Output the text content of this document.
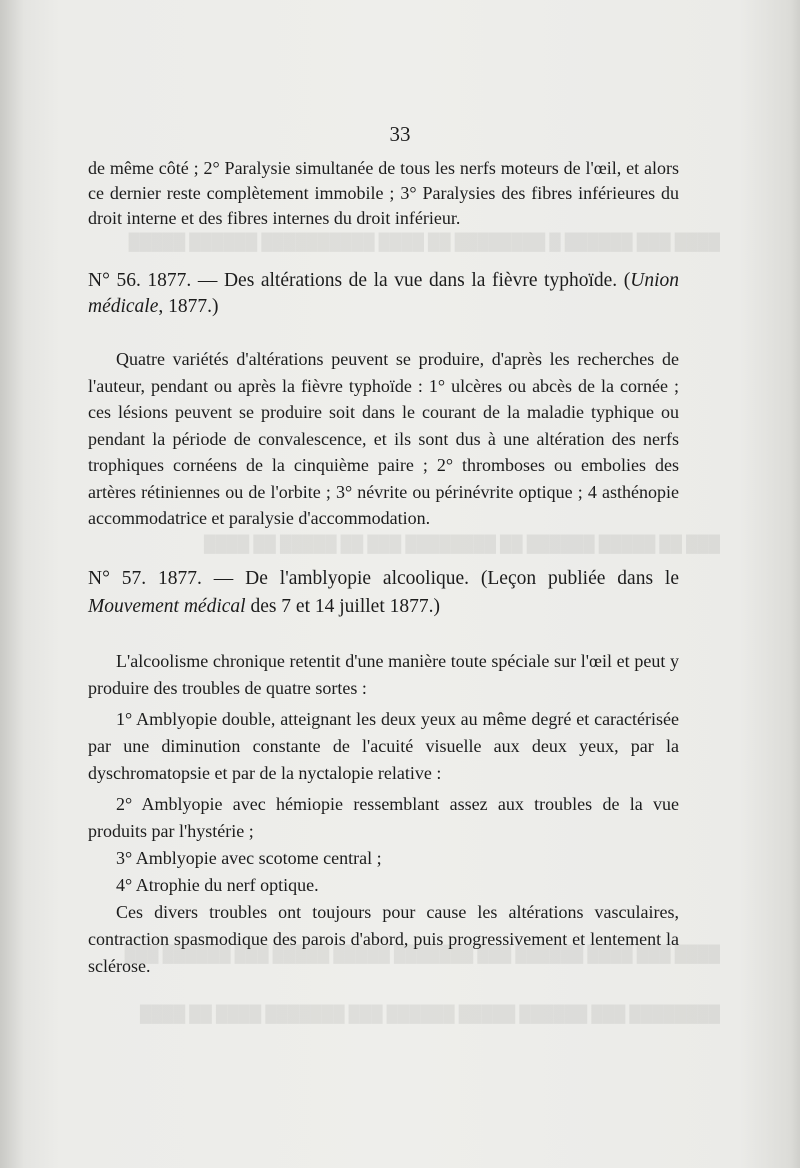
████ ███ ██████ █ ████████ ██ ████ ██████████ ██████ █████
███ ██ █████ ██████ ██ ████████ ███ ██ █████ ██ ████
████ ███ ████ ██████ ███ ███████ █████ █████ ███ ██████ ███
████████ ███ ██████ █████ ██████ ███ ███████ ████ ██ ████
33

de même côté ; 2° Paralysie simultanée de tous les nerfs moteurs de l'œil, et alors ce dernier reste complètement immobile ; 3° Paralysies des fibres inférieures du droit interne et des fibres internes du droit inférieur.

N° 56. 1877. — Des altérations de la vue dans la fièvre typhoïde. (Union médicale, 1877.)

Quatre variétés d'altérations peuvent se produire, d'après les recherches de l'auteur, pendant ou après la fièvre typhoïde : 1° ulcères ou abcès de la cornée ; ces lésions peuvent se produire soit dans le courant de la maladie typhique ou pendant la période de convalescence, et ils sont dus à une altération des nerfs trophiques cornéens de la cinquième paire ; 2° thromboses ou embolies des artères rétiniennes ou de l'orbite ; 3° névrite ou périnévrite optique ; 4 asthénopie accommodatrice et paralysie d'accommodation.

N° 57. 1877. — De l'amblyopie alcoolique. (Leçon publiée dans le Mouvement médical des 7 et 14 juillet 1877.)

L'alcoolisme chronique retentit d'une manière toute spéciale sur l'œil et peut y produire des troubles de quatre sortes :

1° Amblyopie double, atteignant les deux yeux au même degré et caractérisée par une diminution constante de l'acuité visuelle aux deux yeux, par la dyschromatopsie et par de la nyctalopie relative :

2° Amblyopie avec hémiopie ressemblant assez aux troubles de la vue produits par l'hystérie ;

3° Amblyopie avec scotome central ;

4° Atrophie du nerf optique.

Ces divers troubles ont toujours pour cause les altérations vasculaires, contraction spasmodique des parois d'abord, puis progressivement et lentement la sclérose.
